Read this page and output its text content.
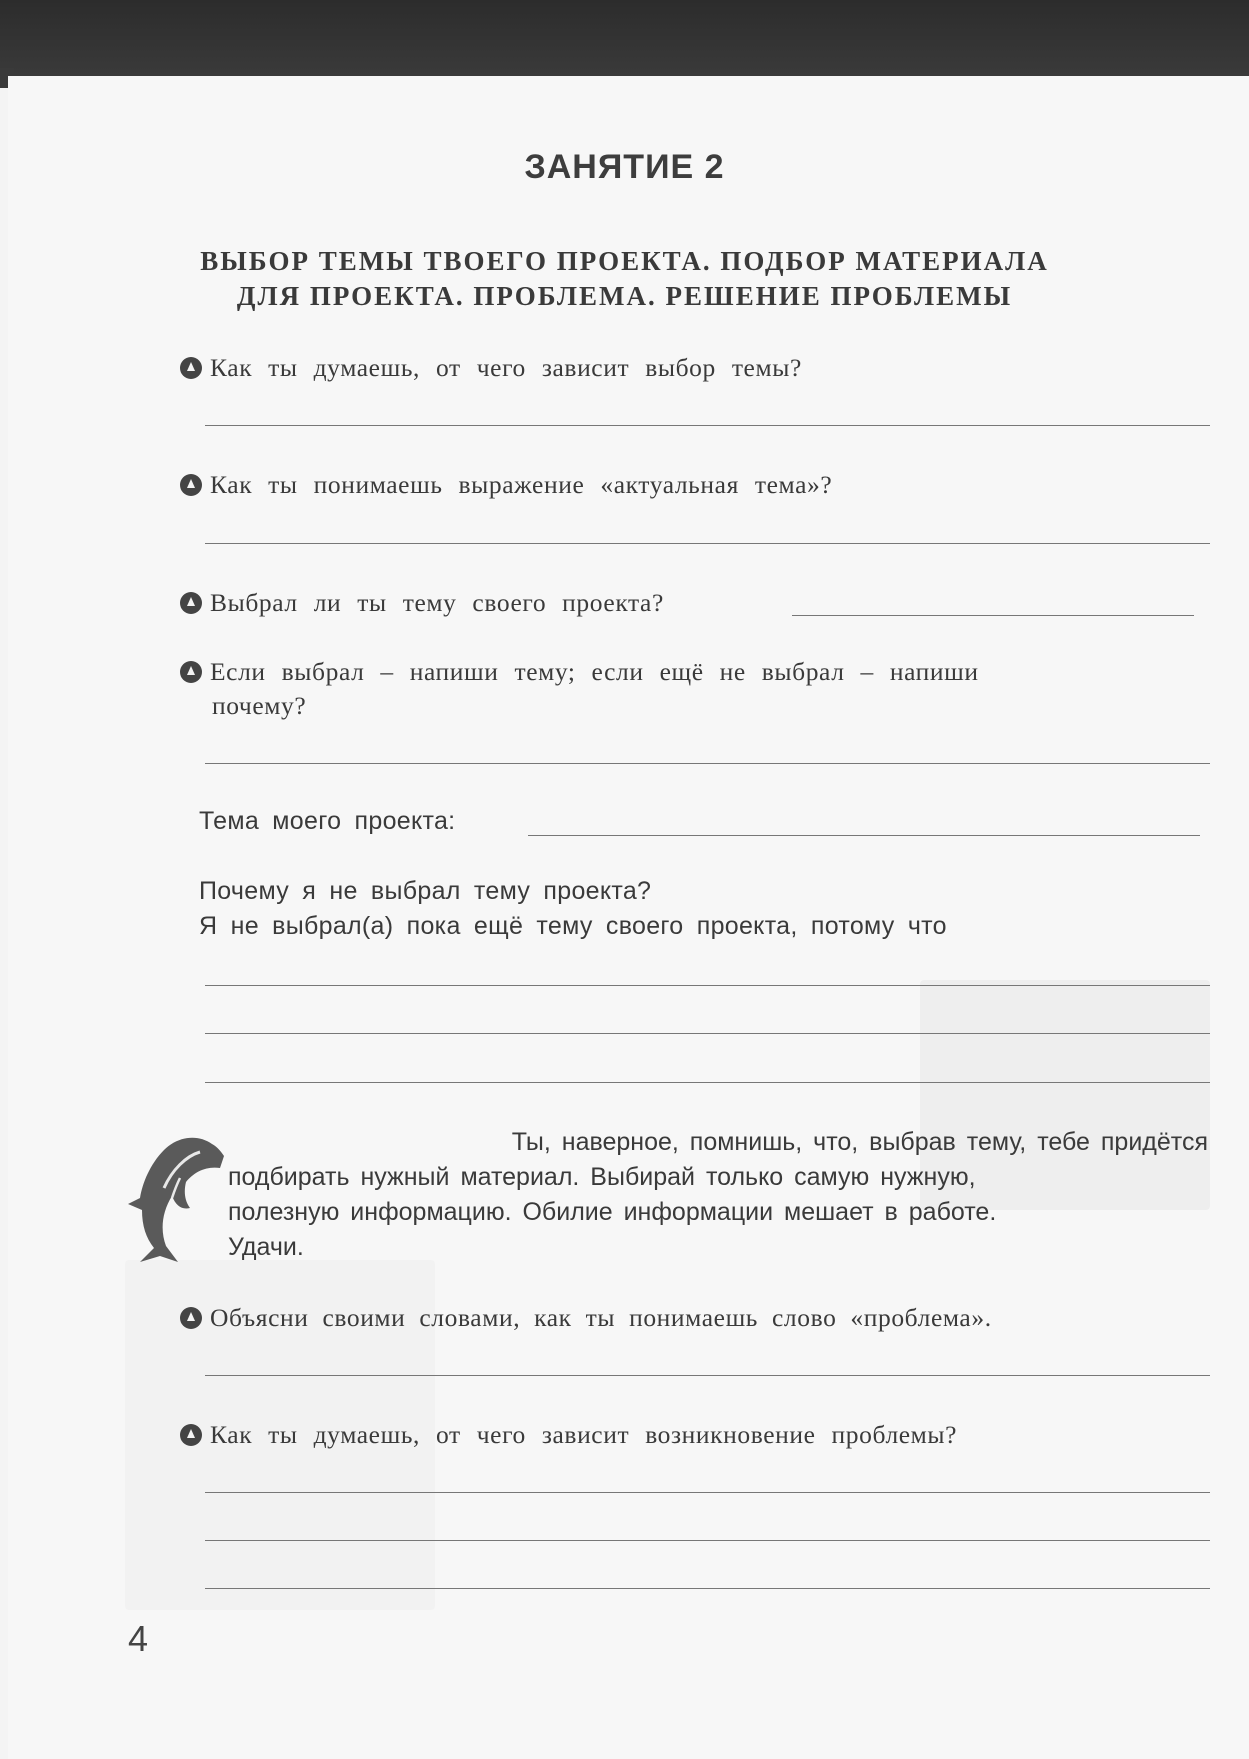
ЗАНЯТИЕ 2
ВЫБОР ТЕМЫ ТВОЕГО ПРОЕКТА. ПОДБОР МАТЕРИАЛА
ДЛЯ ПРОЕКТА. ПРОБЛЕМА. РЕШЕНИЕ ПРОБЛЕМЫ
Как ты думаешь, от чего зависит выбор темы?
Как ты понимаешь выражение «актуальная тема»?
Выбрал ли ты тему своего проекта?
Если выбрал – напиши тему; если ещё не выбрал – напиши
почему?
Тема моего проекта:
Почему я не выбрал тему проекта?
Я не выбрал(а) пока ещё тему своего проекта, потому что
Ты, наверное, помнишь, что, выбрав тему, тебе придётся
подбирать нужный материал. Выбирай только самую нужную,
полезную информацию. Обилие информации мешает в работе.
Удачи.
Объясни своими словами, как ты понимаешь слово «проблема».
Как ты думаешь, от чего зависит возникновение проблемы?
4
